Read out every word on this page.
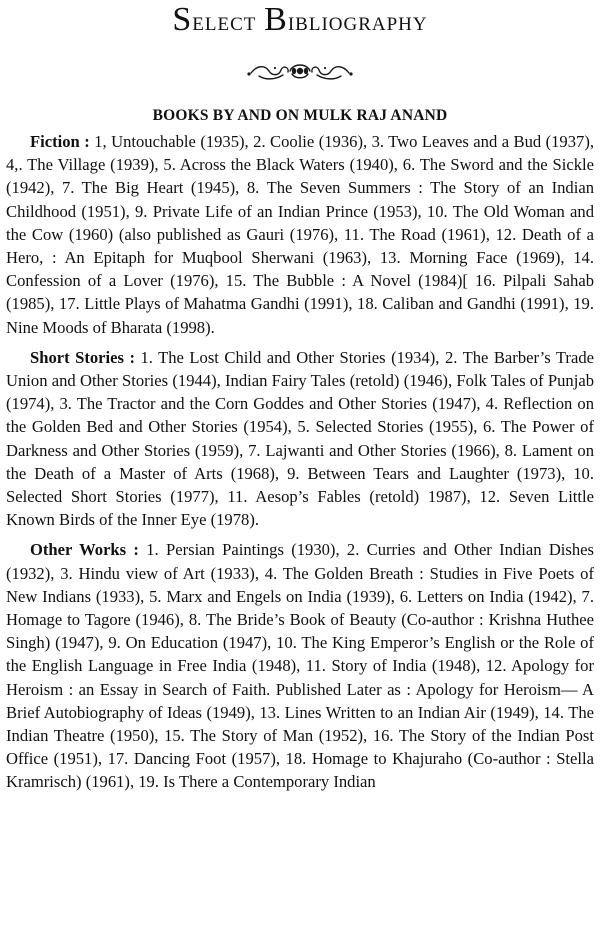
Select Bibliography
BOOKS BY AND ON MULK RAJ ANAND

Fiction : 1, Untouchable (1935), 2. Coolie (1936), 3. Two Leaves and a Bud (1937), 4,. The Village (1939), 5. Across the Black Waters (1940), 6. The Sword and the Sickle (1942), 7. The Big Heart (1945), 8. The Seven Summers : The Story of an Indian Childhood (1951), 9. Private Life of an Indian Prince (1953), 10. The Old Woman and the Cow (1960) (also published as Gauri (1976), 11. The Road (1961), 12. Death of a Hero, : An Epitaph for Muqbool Sherwani (1963), 13. Morning Face (1969), 14. Confession of a Lover (1976), 15. The Bubble : A Novel (1984)[ 16. Pilpali Sahab (1985), 17. Little Plays of Mahatma Gandhi (1991), 18. Caliban and Gandhi (1991), 19. Nine Moods of Bharata (1998).

Short Stories : 1. The Lost Child and Other Stories (1934), 2. The Barber’s Trade Union and Other Stories (1944), Indian Fairy Tales (retold) (1946), Folk Tales of Punjab (1974), 3. The Tractor and the Corn Goddes and Other Stories (1947), 4. Reflection on the Golden Bed and Other Stories (1954), 5. Selected Stories (1955), 6. The Power of Darkness and Other Stories (1959), 7. Lajwanti and Other Stories (1966), 8. Lament on the Death of a Master of Arts (1968), 9. Between Tears and Laughter (1973), 10. Selected Short Stories (1977), 11. Aesop’s Fables (retold) 1987), 12. Seven Little Known Birds of the Inner Eye (1978).

Other Works : 1. Persian Paintings (1930), 2. Curries and Other Indian Dishes (1932), 3. Hindu view of Art (1933), 4. The Golden Breath : Studies in Five Poets of New Indians (1933), 5. Marx and Engels on India (1939), 6. Letters on India (1942), 7. Homage to Tagore (1946), 8. The Bride’s Book of Beauty (Co-author : Krishna Huthee Singh) (1947), 9. On Education (1947), 10. The King Emperor’s English or the Role of the English Language in Free India (1948), 11. Story of India (1948), 12. Apology for Heroism : an Essay in Search of Faith. Published Later as : Apology for Heroism— A Brief Autobiography of Ideas (1949), 13. Lines Written to an Indian Air (1949), 14. The Indian Theatre (1950), 15. The Story of Man (1952), 16. The Story of the Indian Post Office (1951), 17. Dancing Foot (1957), 18. Homage to Khajuraho (Co-author : Stella Kramrisch) (1961), 19. Is There a Contemporary Indian
